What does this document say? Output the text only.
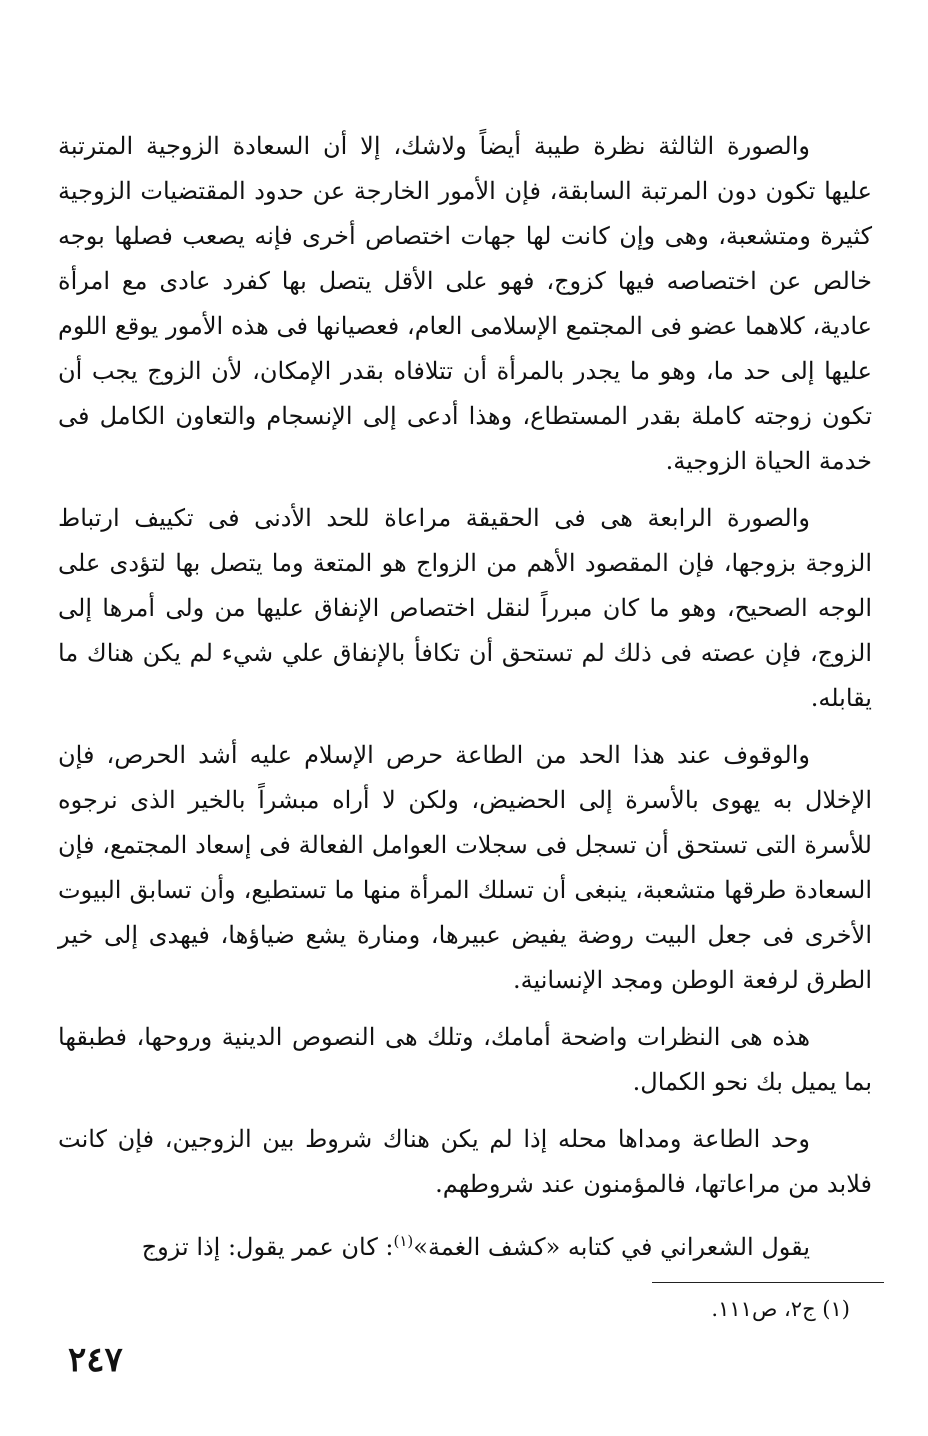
والصورة الثالثة نظرة طيبة أيضاً ولاشك، إلا أن السعادة الزوجية المترتبة عليها تكون دون المرتبة السابقة، فإن الأمور الخارجة عن حدود المقتضيات الزوجية كثيرة ومتشعبة، وهى وإن كانت لها جهات اختصاص أخرى فإنه يصعب فصلها بوجه خالص عن اختصاصه فيها كزوج، فهو على الأقل يتصل بها كفرد عادى مع امرأة عادية، كلاهما عضو فى المجتمع الإسلامى العام، فعصيانها فى هذه الأمور يوقع اللوم عليها إلى حد ما، وهو ما يجدر بالمرأة أن تتلافاه بقدر الإمكان، لأن الزوج يجب أن تكون زوجته كاملة بقدر المستطاع، وهذا أدعى إلى الإنسجام والتعاون الكامل فى خدمة الحياة الزوجية.

والصورة الرابعة هى فى الحقيقة مراعاة للحد الأدنى فى تكييف ارتباط الزوجة بزوجها، فإن المقصود الأهم من الزواج هو المتعة وما يتصل بها لتؤدى على الوجه الصحيح، وهو ما كان مبرراً لنقل اختصاص الإنفاق عليها من ولى أمرها إلى الزوج، فإن عصته فى ذلك لم تستحق أن تكافأ بالإنفاق علي شيء لم يكن هناك ما يقابله.

والوقوف عند هذا الحد من الطاعة حرص الإسلام عليه أشد الحرص، فإن الإخلال به يهوى بالأسرة إلى الحضيض، ولكن لا أراه مبشراً بالخير الذى نرجوه للأسرة التى تستحق أن تسجل فى سجلات العوامل الفعالة فى إسعاد المجتمع، فإن السعادة طرقها متشعبة، ينبغى أن تسلك المرأة منها ما تستطيع، وأن تسابق البيوت الأخرى فى جعل البيت روضة يفيض عبيرها، ومنارة يشع ضياؤها، فيهدى إلى خير الطرق لرفعة الوطن ومجد الإنسانية.

هذه هى النظرات واضحة أمامك، وتلك هى النصوص الدينية وروحها، فطبقها بما يميل بك نحو الكمال.

وحد الطاعة ومداها محله إذا لم يكن هناك شروط بين الزوجين، فإن كانت فلابد من مراعاتها، فالمؤمنون عند شروطهم.

يقول الشعراني في كتابه «كشف الغمة»$^{(١)}$: كان عمر يقول: إذا تزوج

(١) ج٢، ص١١١.
٢٤٧
